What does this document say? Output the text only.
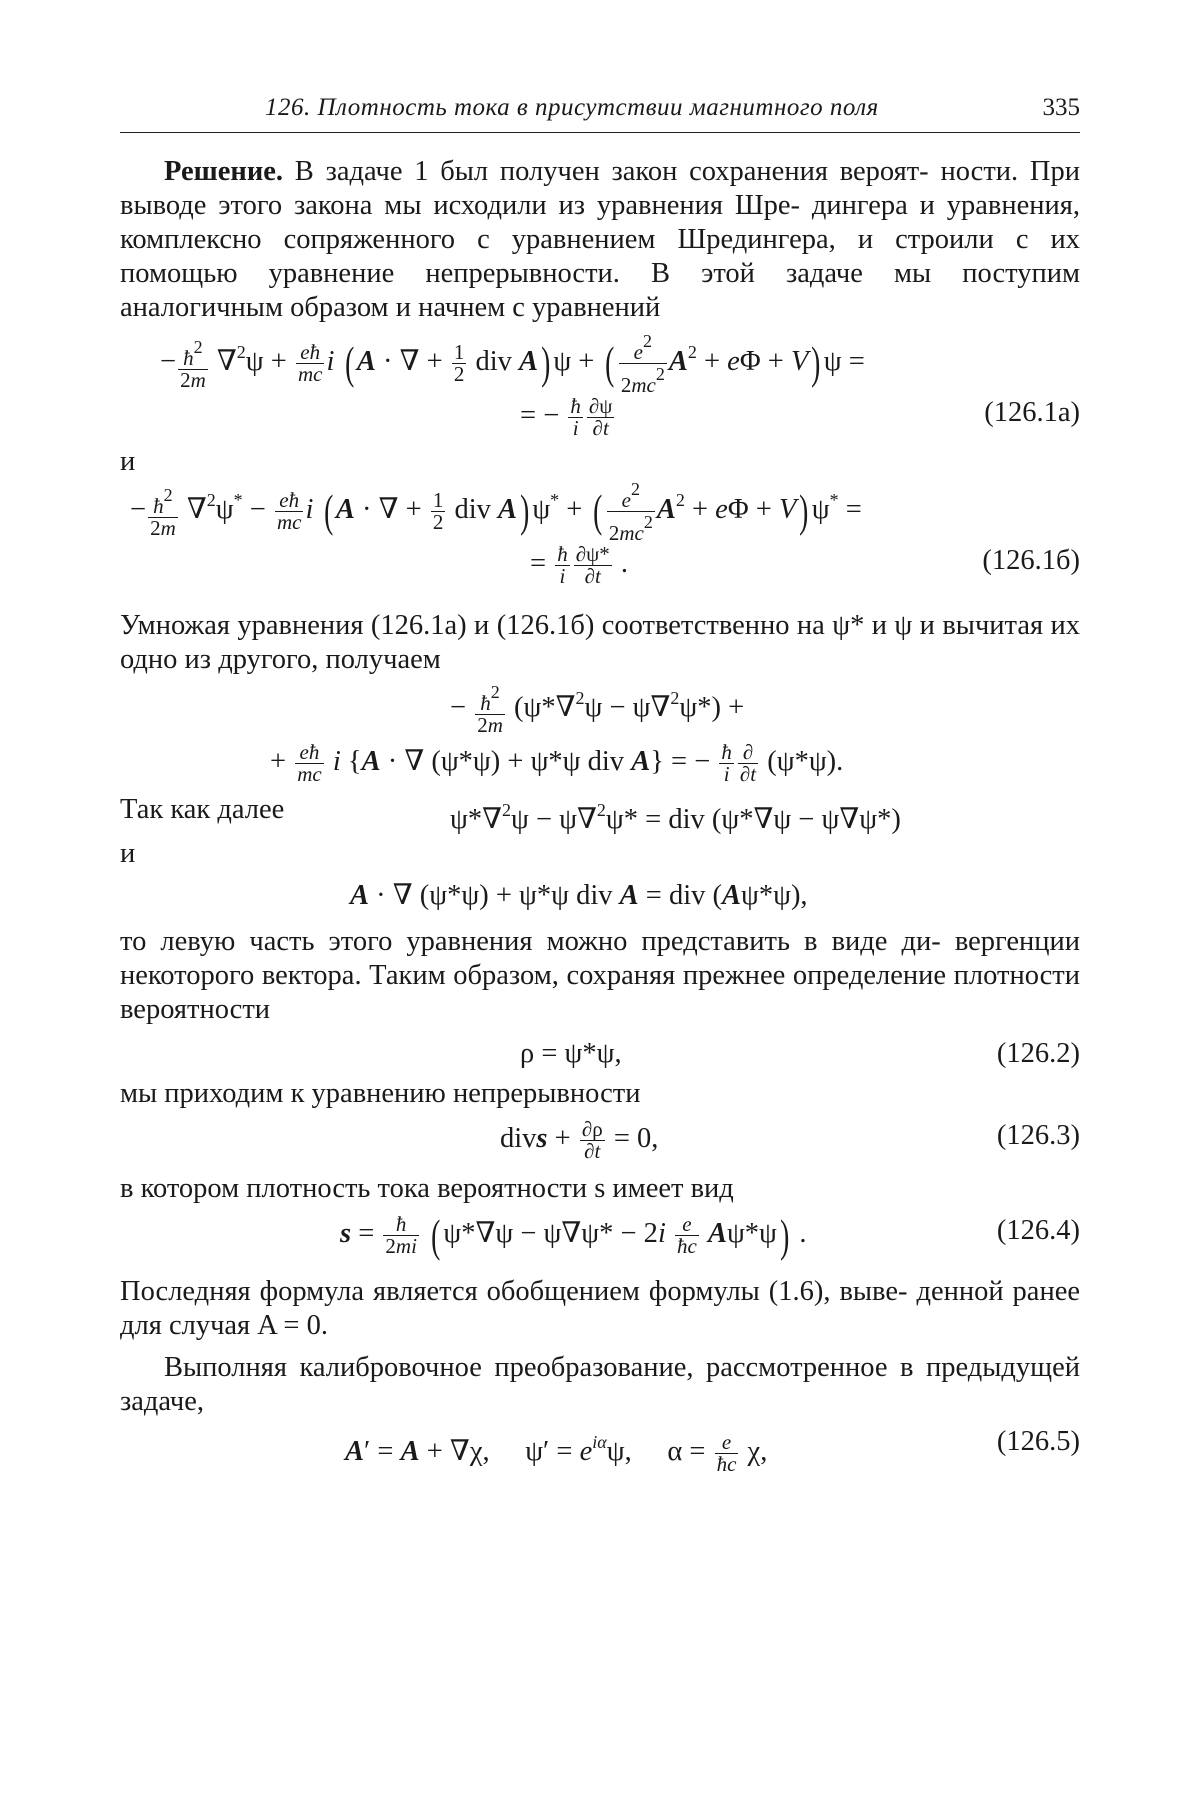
126. Плотность тока в присутствии магнитного поля	335

Решение. В задаче 1 был получен закон сохранения вероят- ности. При выводе этого закона мы исходили из уравнения Шре- дингера и уравнения, комплексно сопряженного с уравнением Шредингера, и строили с их помощью уравнение непрерывности. В этой задаче мы поступим аналогичным образом и начнем с уравнений

− $\frac{ħ2}{2m} \nabla^2\psi + \frac{eħ}{mc}$ i ( A · ∇ + $\frac{1}{2}$ div A) ψ + ( $\frac{e2}{2mc2} A^2 + e\Phi + V$) ψ =
= − $\frac{ħ}{i} \frac{\partial\psi}{\partial t}$	(126.1а)
и
− $\frac{ħ2}{2m} \nabla^2\psi^* - \frac{eħ}{mc}$ i ( A · ∇ + $\frac{1}{2}$ div A) ψ* + ( $\frac{e2}{2mc2} A^2 + e\Phi + V$) ψ* =
= $\frac{ħ}{i} \frac{\partial\psi*}{\partial t}$ .	(126.1б)

Умножая уравнения (126.1а) и (126.1б) соответственно на ψ* и ψ и вычитая их одно из другого, получаем

− $\frac{ħ2}{2m} (\psi*\nabla^2\psi - \psi\nabla^2\psi*)$ +
+ $\frac{eħ}{mc}$ i {A · ∇ (ψ*ψ) + ψ*ψ div A} = − $\frac{ħ}{i} \frac{\partial}{\partial t} (\psi*\psi)$.
Так как далее	ψ*∇$^2$ψ − ψ∇$^2$ψ* = div (ψ*∇ψ − ψ∇ψ*)
и
A · ∇ (ψ*ψ) + ψ*ψ div A = div (Aψ*ψ),

то левую часть этого уравнения можно представить в виде ди- вергенции некоторого вектора. Таким образом, сохраняя прежнее определение плотности вероятности

ρ = ψ*ψ,	(126.2)

мы приходим к уравнению непрерывности

divs + $\frac{\partial\rho}{\partial t} = 0$,	(126.3)

в котором плотность тока вероятности s имеет вид

$s = \frac{ħ}{2mi}$ ( $\psi*\nabla\psi - \psi\nabla\psi* - 2i \frac{e}{ħc} A\psi*\psi$) .	(126.4)

Последняя формула является обобщением формулы (1.6), выве- денной ранее для случая A = 0.

Выполняя калибровочное преобразование, рассмотренное в предыдущей задаче,

A′ = A + ∇χ,     $\psi' = e^{i\alpha}\psi$,     $\alpha = \frac{e}{ħc} \chi$,	(126.5)
